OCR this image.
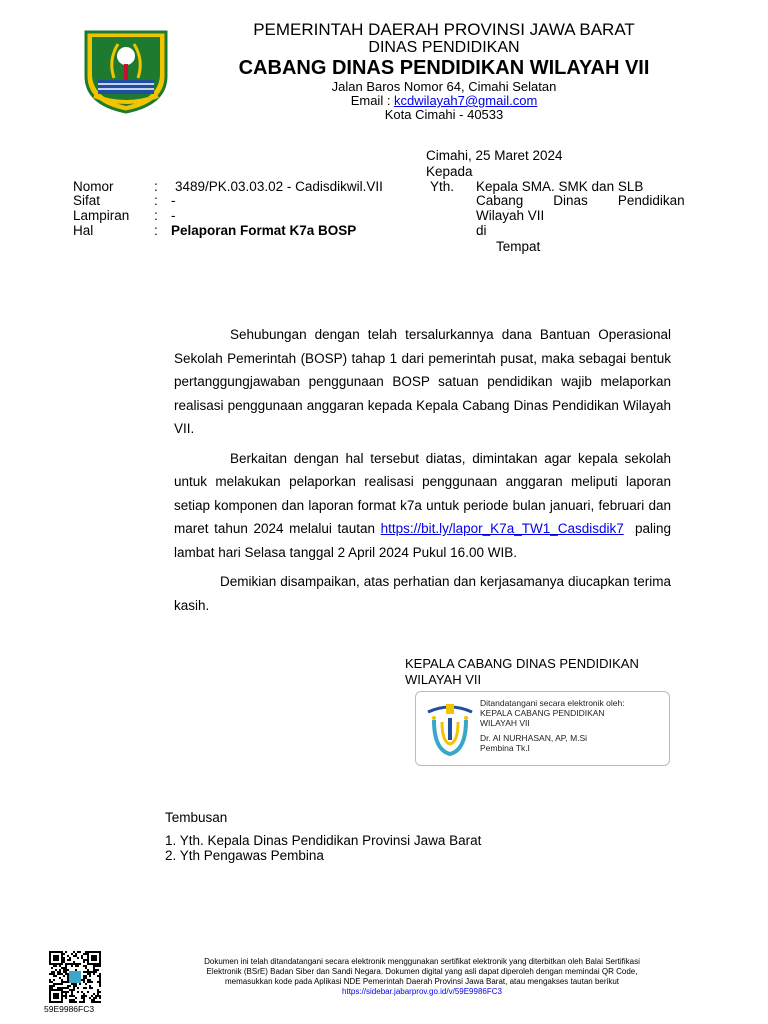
PEMERINTAH DAERAH PROVINSI JAWA BARAT
DINAS PENDIDIKAN
CABANG DINAS PENDIDIKAN WILAYAH VII
Jalan Baros Nomor 64, Cimahi Selatan
Email : kcdwilayah7@gmail.com
Kota Cimahi - 40533
Cimahi, 25 Maret 2024
Kepada
Yth. Kepala SMA. SMK dan SLB
Cabang        Dinas        Pendidikan
Wilayah VII
di
Tempat
Nomor	: 3489/PK.03.03.02 - Cadisdikwil.VII
Sifat	: -
Lampiran : -
Hal	: Pelaporan Format K7a BOSP

Sehubungan dengan telah tersalurkannya dana Bantuan Operasional Sekolah Pemerintah (BOSP) tahap 1 dari pemerintah pusat, maka sebagai bentuk pertanggungjawaban penggunaan BOSP satuan pendidikan wajib melaporkan realisasi penggunaan anggaran kepada Kepala Cabang Dinas Pendidikan Wilayah VII.

Berkaitan dengan hal tersebut diatas, dimintakan agar kepala sekolah untuk melakukan pelaporkan realisasi penggunaan anggaran meliputi laporan setiap komponen dan laporan format k7a untuk periode bulan januari, februari dan maret tahun 2024 melalui tautan https://bit.ly/lapor_K7a_TW1_Casdisdik7  paling lambat hari Selasa tanggal 2 April 2024 Pukul 16.00 WIB.

Demikian disampaikan, atas perhatian dan kerjasamanya diucapkan terima kasih.

KEPALA CABANG DINAS PENDIDIKAN
WILAYAH VII
Ditandatangani secara elektronik oleh:
KEPALA CABANG PENDIDIKAN
WILAYAH VII
Dr. AI NURHASAN, AP, M.Si
Pembina Tk.I
Tembusan
1. Yth. Kepala Dinas Pendidikan Provinsi Jawa Barat
2. Yth Pengawas Pembina
Dokumen ini telah ditandatangani secara elektronik menggunakan sertifikat elektronik yang diterbitkan oleh Balai Sertifikasi
Elektronik (BSrE) Badan Siber dan Sandi Negara. Dokumen digital yang asli dapat diperoleh dengan memindai QR Code,
memasukkan kode pada Aplikasi NDE Pemerintah Daerah Provinsi Jawa Barat, atau mengakses tautan berikut
https://sidebar.jabarprov.go.id/v/59E9986FC3
59E9986FC3
